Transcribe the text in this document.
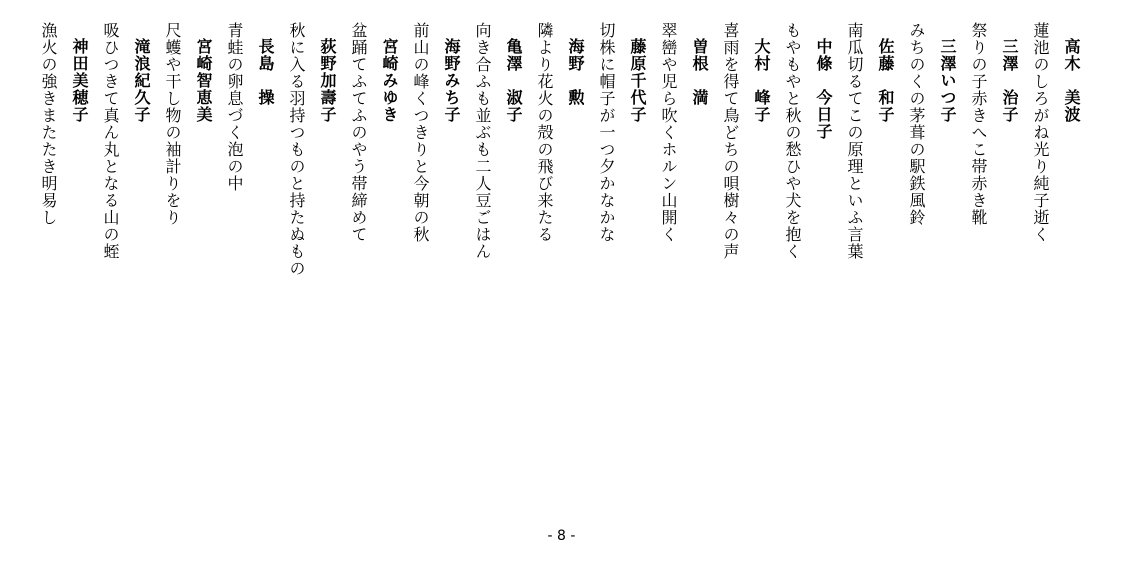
高木　美波
蓮池のしろがね光り純子逝く
三澤　治子
祭りの子赤きへこ帯赤き靴
三澤いつ子
みちのくの茅葺の駅鉄風鈴
佐藤　和子
南瓜切るてこの原理といふ言葉
中條　今日子
もやもやと秋の愁ひや犬を抱く
大村　峰子
喜雨を得て鳥どちの唄樹々の声
曽根　満
翠巒や児ら吹くホルン山開く
藤原千代子
切株に帽子が一つ夕かなかな
海野　勲
隣より花火の殻の飛び来たる
亀澤　淑子
向き合ふも並ぶも二人豆ごはん
海野みち子
前山の峰くつきりと今朝の秋
宮崎みゆき
盆踊てふてふのやう帯締めて
荻野加壽子
秋に入る羽持つものと持たぬもの
長島　操
青蛙の卵息づく泡の中
宮崎智恵美
尺蠖や干し物の袖計りをり
滝浪紀久子
吸ひつきて真ん丸となる山の蛭
神田美穂子
漁火の強きまたたき明易し
- 8 -
